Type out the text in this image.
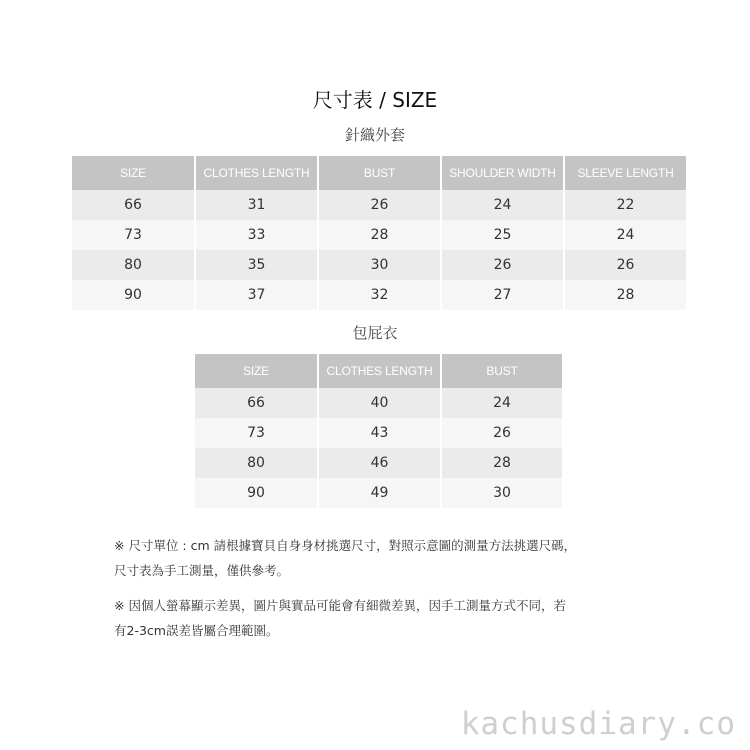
尺寸表 / SIZE
針織外套
SIZE	CLOTHES LENGTH	BUST	SHOULDER WIDTH	SLEEVE LENGTH
66	31	26	24	22
73	33	28	25	24
80	35	30	26	26
90	37	32	27	28
包屁衣
SIZE	CLOTHES LENGTH	BUST
66	40	24
73	43	26
80	46	28
90	49	30

※ 尺寸單位 : cm 請根據寶貝自身身材挑選尺寸，對照示意圖的測量方法挑選尺碼，

尺寸表為手工測量，僅供參考。

※ 因個人螢幕顯示差異，圖片與實品可能會有細微差異，因手工測量方式不同，若

有2-3cm誤差皆屬合理範圍。

kachusdiary.co
